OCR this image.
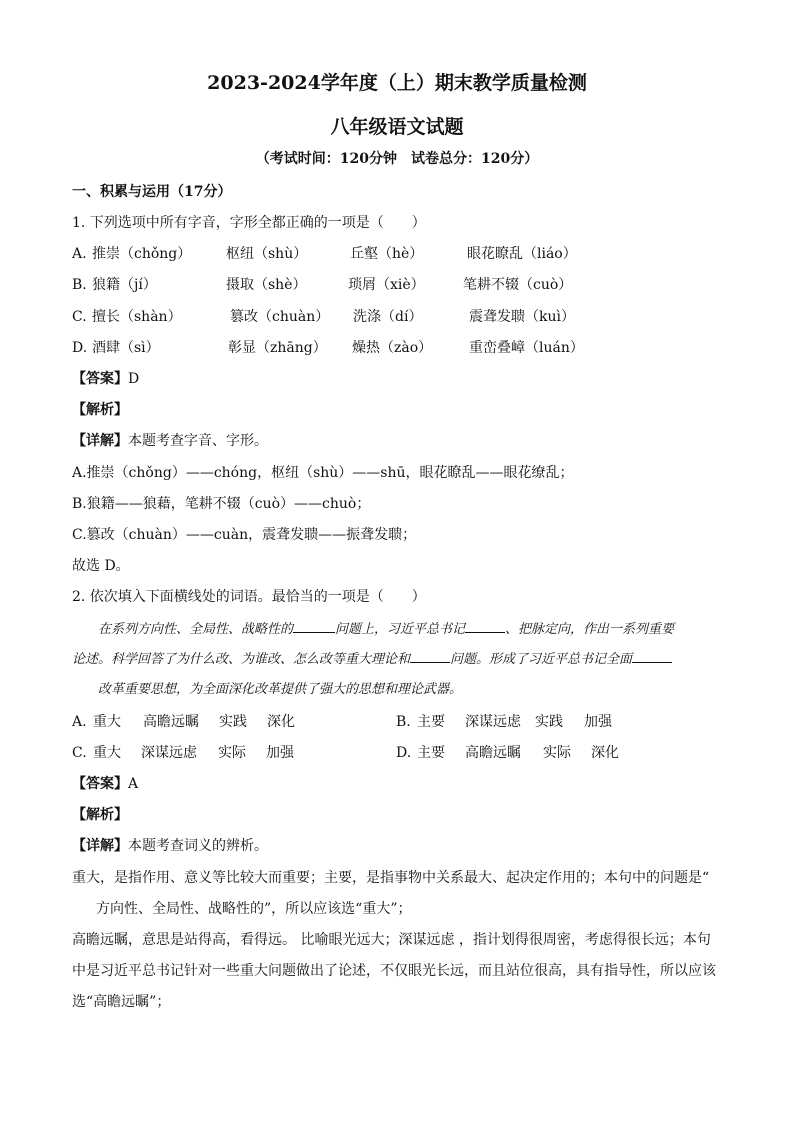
2023-2024学年度（上）期末教学质量检测
八年级语文试题
（考试时间：120分钟　试卷总分：120分）
一、积累与运用（17分）
1. 下列选项中所有字音，字形全都正确的一项是（　　）
A. 推崇（chǒng） 枢纽（shù）	丘壑（hè）	眼花瞭乱（liáo）
B. 狼籍（jí）	摄取（shè）	琐屑（xiè）	笔耕不辍（cuò）
C. 擅长（shàn）	篡改（chuàn） 洗涤（dí）	震聋发聩（kuì）
D. 酒肆（sì）	彰显（zhāng） 燥热（zào）	重峦叠嶂（luán）
【答案】D
【解析】
【详解】本题考查字音、字形。
A.推崇（chǒng）——chóng，枢纽（shù）——shū，眼花瞭乱——眼花缭乱；
B.狼籍——狼藉，笔耕不辍（cuò）——chuò；
C.篡改（chuàn）——cuàn，震聋发聩——振聋发聩；
故选 D。
2. 依次填入下面横线处的词语。最恰当的一项是（　　）
在系列方向性、全局性、战略性的	问题上，习近平总书记	、把脉定向，作出一系列重要
论述。科学回答了为什么改、为谁改、怎么改等重大理论和	问题。形成了习近平总书记全面
改革重要思想，为全面深化改革提供了强大的思想和理论武器。
A. 重大 高瞻远瞩 实践 深化	B. 主要 深谋远虑 实践 加强
C. 重大 深谋远虑 实际 加强	D. 主要 高瞻远瞩 实际 深化
【答案】A
【解析】
【详解】本题考查词义的辨析。
重大，是指作用、意义等比较大而重要；主要，是指事物中关系最大、起决定作用的；本句中的问题是“
方向性、全局性、战略性的”，所以应该选“重大”；
高瞻远瞩，意思是站得高，看得远。 比喻眼光远大；深谋远虑 ，指计划得很周密，考虑得很长远；本句
中是习近平总书记针对一些重大问题做出了论述，不仅眼光长远，而且站位很高，具有指导性，所以应该
选“高瞻远瞩”；
